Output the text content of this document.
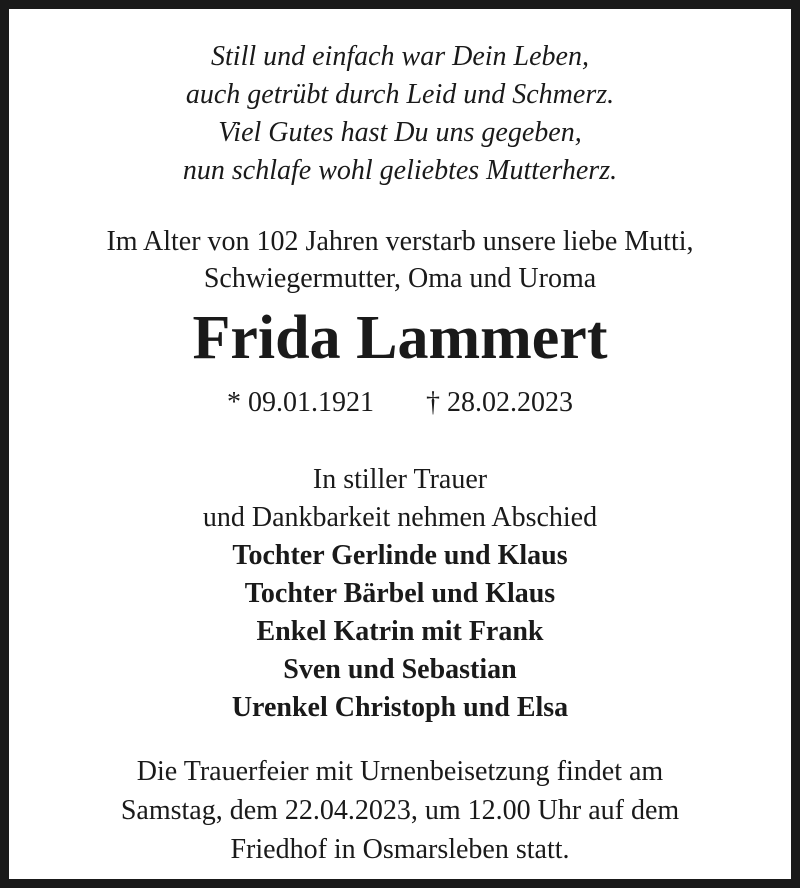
Still und einfach war Dein Leben,
auch getrübt durch Leid und Schmerz.
Viel Gutes hast Du uns gegeben,
nun schlafe wohl geliebtes Mutterherz.
Im Alter von 102 Jahren verstarb unsere liebe Mutti,
Schwiegermutter, Oma und Uroma
Frida Lammert
* 09.01.1921 † 28.02.2023
In stiller Trauer
und Dankbarkeit nehmen Abschied
Tochter Gerlinde und Klaus
Tochter Bärbel und Klaus
Enkel Katrin mit Frank
Sven und Sebastian
Urenkel Christoph und Elsa
Die Trauerfeier mit Urnenbeisetzung findet am
Samstag, dem 22.04.2023, um 12.00 Uhr auf dem
Friedhof in Osmarsleben statt.
